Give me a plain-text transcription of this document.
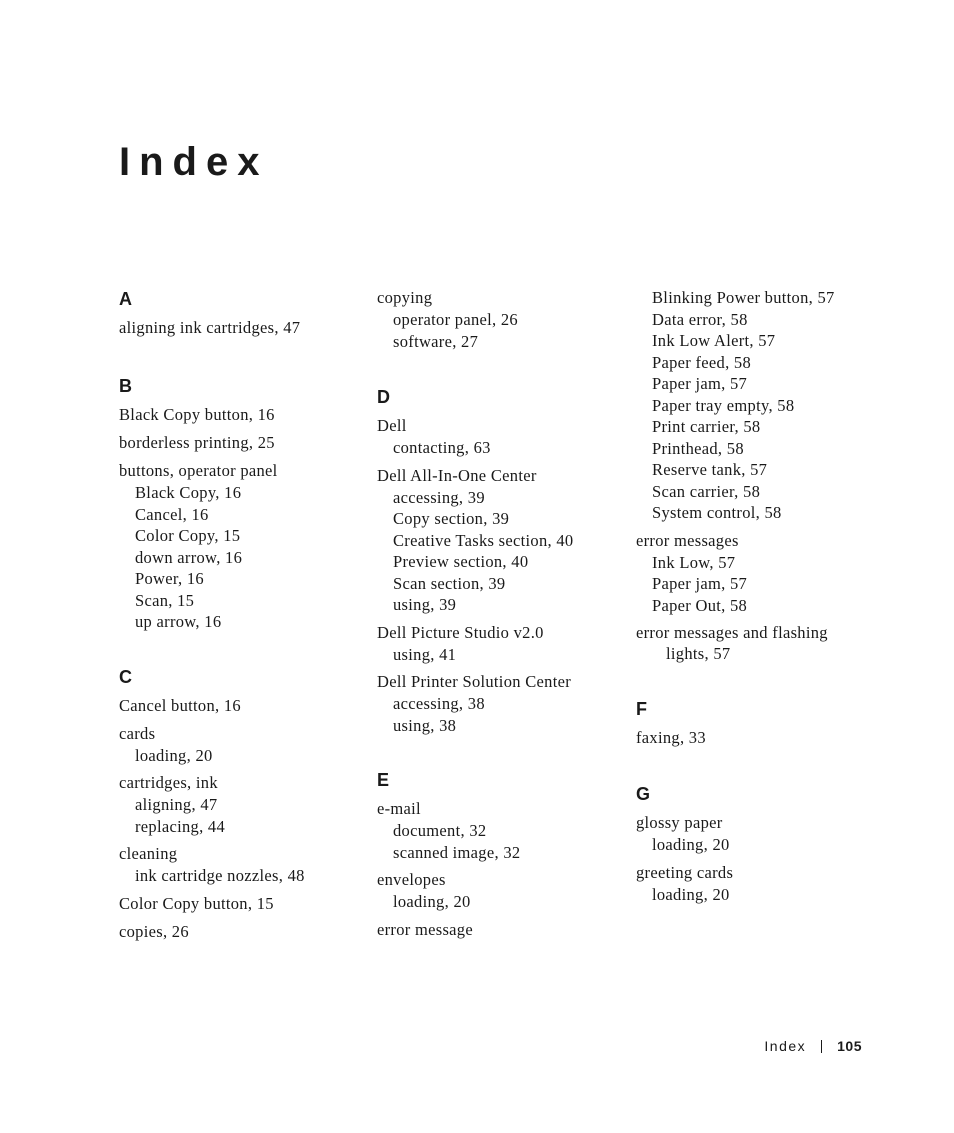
Index
A
aligning ink cartridges, 47
B
Black Copy button, 16
borderless printing, 25
buttons, operator panel
Black Copy, 16
Cancel, 16
Color Copy, 15
down arrow, 16
Power, 16
Scan, 15
up arrow, 16
C
Cancel button, 16
cards
loading, 20
cartridges, ink
aligning, 47
replacing, 44
cleaning
ink cartridge nozzles, 48
Color Copy button, 15
copies, 26
copying
operator panel, 26
software, 27
D
Dell
contacting, 63
Dell All-In-One Center
accessing, 39
Copy section, 39
Creative Tasks section, 40
Preview section, 40
Scan section, 39
using, 39
Dell Picture Studio v2.0
using, 41
Dell Printer Solution Center
accessing, 38
using, 38
E
e-mail
document, 32
scanned image, 32
envelopes
loading, 20
error message
Blinking Power button, 57
Data error, 58
Ink Low Alert, 57
Paper feed, 58
Paper jam, 57
Paper tray empty, 58
Print carrier, 58
Printhead, 58
Reserve tank, 57
Scan carrier, 58
System control, 58
error messages
Ink Low, 57
Paper jam, 57
Paper Out, 58
error messages and flashing
lights, 57
F
faxing, 33
G
glossy paper
loading, 20
greeting cards
loading, 20
Index 105
